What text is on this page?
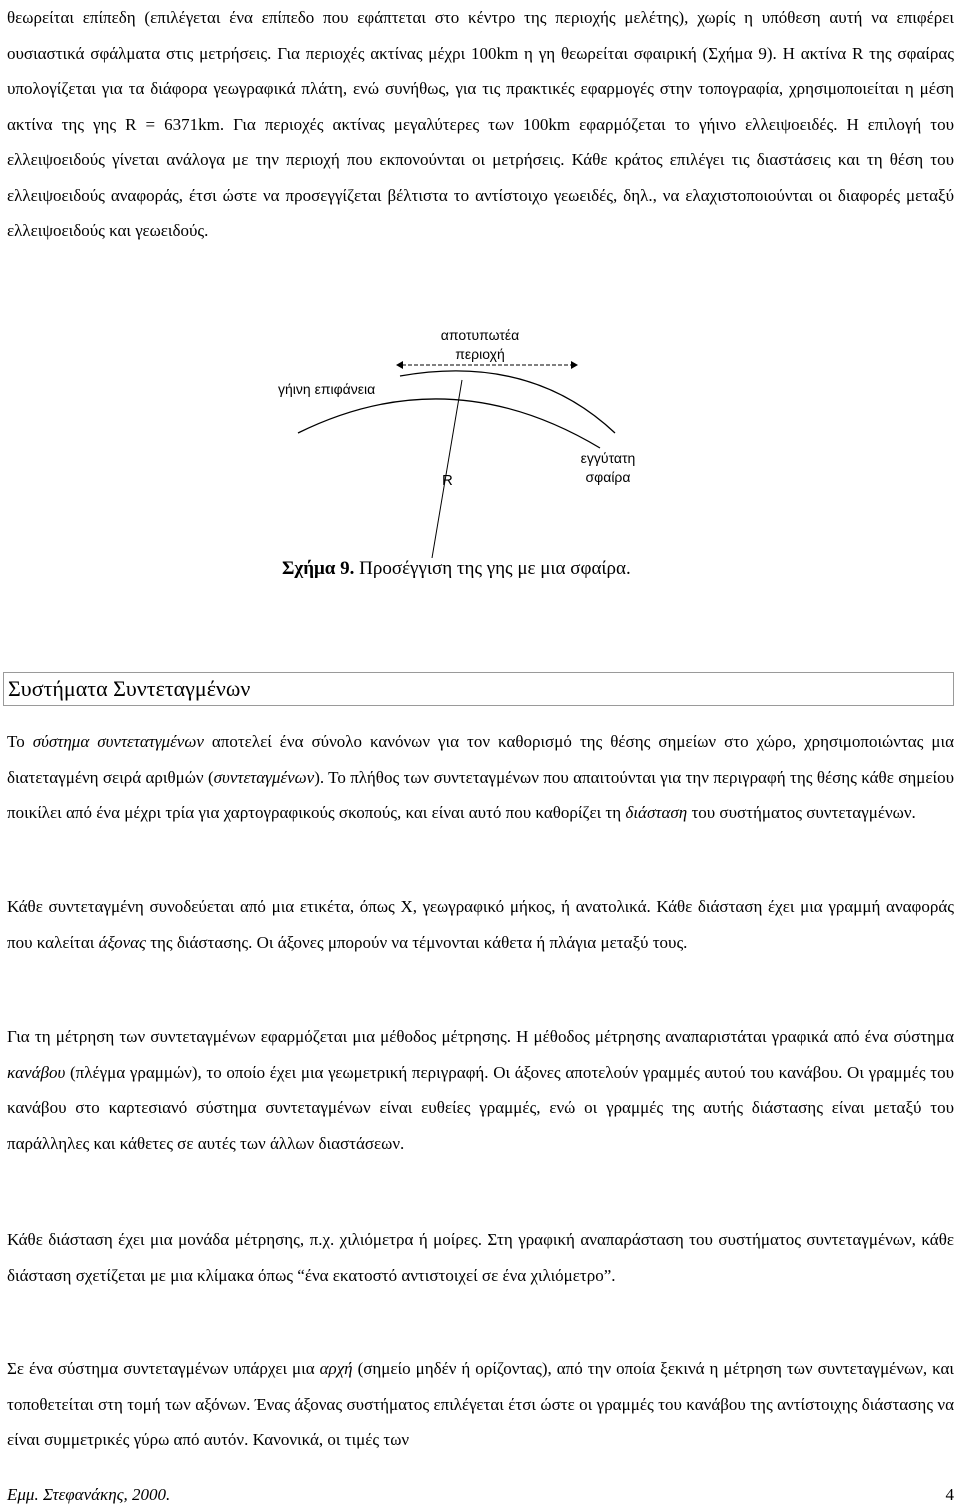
θεωρείται επίπεδη (επιλέγεται ένα επίπεδο που εφάπτεται στο κέντρο της περιοχής μελέτης), χωρίς η υπόθεση αυτή να επιφέρει ουσιαστικά σφάλματα στις μετρήσεις. Για περιοχές ακτίνας μέχρι 100km η γη θεωρείται σφαιρική (Σχήμα 9). Η ακτίνα R της σφαίρας υπολογίζεται για τα διάφορα γεωγραφικά πλάτη, ενώ συνήθως, για τις πρακτικές εφαρμογές στην τοπογραφία, χρησιμοποιείται η μέση ακτίνα της γης R = 6371km. Για περιοχές ακτίνας μεγαλύτερες των 100km εφαρμόζεται το γήινο ελλειψοειδές. Η επιλογή του ελλειψοειδούς γίνεται ανάλογα με την περιοχή που εκπονούνται οι μετρήσεις. Κάθε κράτος επιλέγει τις διαστάσεις και τη θέση του ελλειψοειδούς αναφοράς, έτσι ώστε να προσεγγίζεται βέλτιστα το αντίστοιχο γεωειδές, δηλ., να ελαχιστοποιούνται οι διαφορές μεταξύ ελλειψοειδούς και γεωειδούς.

αποτυπωτέα
περιοχή
γήινη επιφάνεια
R
εγγύτατη
σφαίρα
Σχήμα 9. Προσέγγιση της γης με μια σφαίρα.
Συστήματα Συντεταγμένων

Το σύστημα συντετατγμένων αποτελεί ένα σύνολο κανόνων για τον καθορισμό της θέσης σημείων στο χώρο, χρησιμοποιώντας μια διατεταγμένη σειρά αριθμών (συντεταγμένων). Το πλήθος των συντεταγμένων που απαιτούνται για την περιγραφή της θέσης κάθε σημείου ποικίλει από ένα μέχρι τρία για χαρτογραφικούς σκοπούς, και είναι αυτό που καθορίζει τη διάσταση του συστήματος συντεταγμένων.

Κάθε συντεταγμένη συνοδεύεται από μια ετικέτα, όπως Χ, γεωγραφικό μήκος, ή ανατολικά. Κάθε διάσταση έχει μια γραμμή αναφοράς που καλείται άξονας της διάστασης. Οι άξονες μπορούν να τέμνονται κάθετα ή πλάγια μεταξύ τους.

Για τη μέτρηση των συντεταγμένων εφαρμόζεται μια μέθοδος μέτρησης. Η μέθοδος μέτρησης αναπαριστάται γραφικά από ένα σύστημα κανάβου (πλέγμα γραμμών), το οποίο έχει μια γεωμετρική περιγραφή. Οι άξονες αποτελούν γραμμές αυτού του κανάβου. Οι γραμμές του κανάβου στο καρτεσιανό σύστημα συντεταγμένων είναι ευθείες γραμμές, ενώ οι γραμμές της αυτής διάστασης είναι μεταξύ του παράλληλες και κάθετες σε αυτές των άλλων διαστάσεων.

Κάθε διάσταση έχει μια μονάδα μέτρησης, π.χ. χιλιόμετρα ή μοίρες. Στη γραφική αναπαράσταση του συστήματος συντεταγμένων, κάθε διάσταση σχετίζεται με μια κλίμακα όπως “ένα εκατοστό αντιστοιχεί σε ένα χιλιόμετρο”.

Σε ένα σύστημα συντεταγμένων υπάρχει μια αρχή (σημείο μηδέν ή ορίζοντας), από την οποία ξεκινά η μέτρηση των συντεταγμένων, και τοποθετείται στη τομή των αξόνων. Ένας άξονας συστήματος επιλέγεται έτσι ώστε οι γραμμές του κανάβου της αντίστοιχης διάστασης να είναι συμμετρικές γύρω από αυτόν. Κανονικά, οι τιμές των

Εμμ. Στεφανάκης, 2000.	4
